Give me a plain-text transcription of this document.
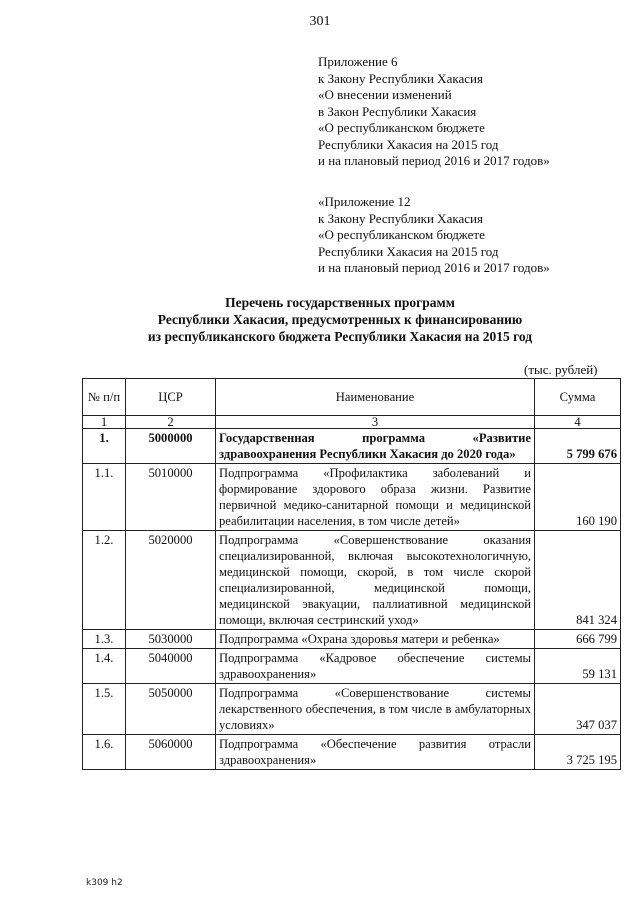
301
Приложение 6
к Закону Республики Хакасия
«О внесении изменений
в Закон Республики Хакасия
«О республиканском бюджете
Республики Хакасия на 2015 год
и на плановый период 2016 и 2017 годов»
«Приложение 12
к Закону Республики Хакасия
«О республиканском бюджете
Республики Хакасия на 2015 год
и на плановый период 2016 и 2017 годов»
Перечень государственных программ
Республики Хакасия, предусмотренных к финансированию
из республиканского бюджета Республики Хакасия на 2015 год
(тыс. рублей)
№ п/п	ЦСР	Наименование	Сумма
1	2	3	4
1.	5000000	Государственная программа «Развитие здравоохранения Республики Хакасия до 2020 года»	5 799 676
1.1.	5010000	Подпрограмма «Профилактика заболеваний и формирование здорового образа жизни. Развитие первичной медико-санитарной помощи и медицинской реабилитации населения, в том числе детей»	160 190
1.2.	5020000	Подпрограмма «Совершенствование оказания специализированной, включая высокотехнологичную, медицинской помощи, скорой, в том числе скорой специализированной, медицинской помощи, медицинской эвакуации, паллиативной медицинской помощи, включая сестринский уход»	841 324
1.3.	5030000	Подпрограмма «Охрана здоровья матери и ребенка»	666 799
1.4.	5040000	Подпрограмма «Кадровое обеспечение системы здравоохранения»	59 131
1.5.	5050000	Подпрограмма «Совершенствование системы лекарственного обеспечения, в том числе в амбулаторных условиях»	347 037
1.6.	5060000	Подпрограмма «Обеспечение развития отрасли здравоохранения»	3 725 195
k309 h2
